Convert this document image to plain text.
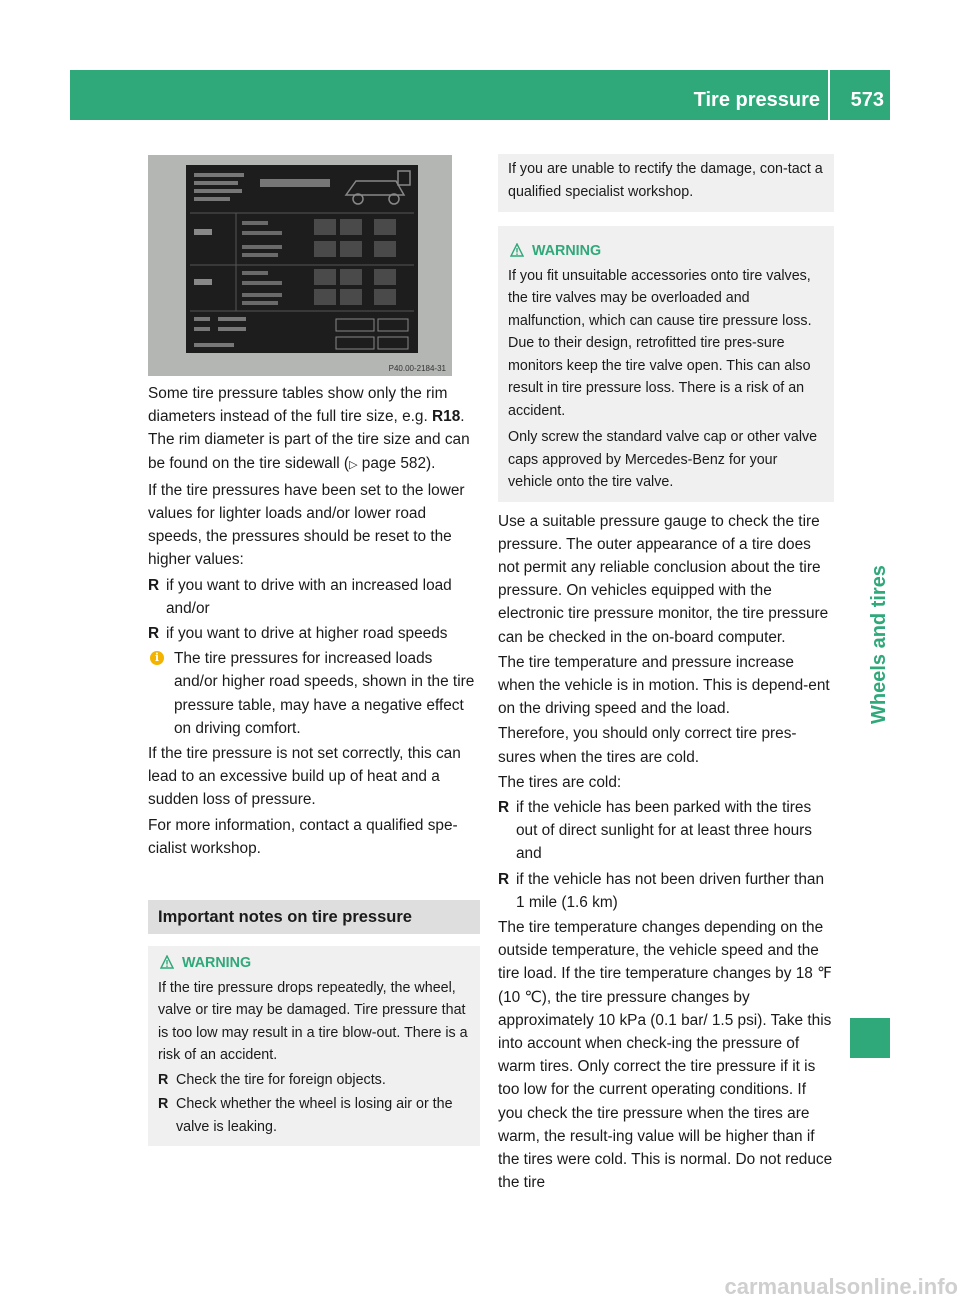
Tire pressure 573
Wheels and tires
P40.00-2184-31

Some tire pressure tables show only the rim diameters instead of the full tire size, e.g. R18. The rim diameter is part of the tire size and can be found on the tire sidewall (▷ page 582).

If the tire pressures have been set to the lower values for lighter loads and/or lower road speeds, the pressures should be reset to the higher values:

R if you want to drive with an increased load and/or
R if you want to drive at higher road speeds
i The tire pressures for increased loads and/or higher road speeds, shown in the tire pressure table, may have a negative effect on driving comfort.

If the tire pressure is not set correctly, this can lead to an excessive build up of heat and a sudden loss of pressure.

For more information, contact a qualified spe-cialist workshop.

Important notes on tire pressure
WARNING

If the tire pressure drops repeatedly, the wheel, valve or tire may be damaged. Tire pressure that is too low may result in a tire blow-out. There is a risk of an accident.

R Check the tire for foreign objects.
R Check whether the wheel is losing air or the valve is leaking.

If you are unable to rectify the damage, con-tact a qualified specialist workshop.

WARNING

If you fit unsuitable accessories onto tire valves, the tire valves may be overloaded and malfunction, which can cause tire pressure loss. Due to their design, retrofitted tire pres-sure monitors keep the tire valve open. This can also result in tire pressure loss. There is a risk of an accident.

Only screw the standard valve cap or other valve caps approved by Mercedes-Benz for your vehicle onto the tire valve.

Use a suitable pressure gauge to check the tire pressure. The outer appearance of a tire does not permit any reliable conclusion about the tire pressure. On vehicles equipped with the electronic tire pressure monitor, the tire pressure can be checked in the on-board computer.

The tire temperature and pressure increase when the vehicle is in motion. This is depend-ent on the driving speed and the load.

Therefore, you should only correct tire pres-sures when the tires are cold.

The tires are cold:

R if the vehicle has been parked with the tires out of direct sunlight for at least three hours and
R if the vehicle has not been driven further than 1 mile (1.6 km)

The tire temperature changes depending on the outside temperature, the vehicle speed and the tire load. If the tire temperature changes by 18 ℉ (10 ℃), the tire pressure changes by approximately 10 kPa (0.1 bar/ 1.5 psi). Take this into account when check-ing the pressure of warm tires. Only correct the tire pressure if it is too low for the current operating conditions. If you check the tire pressure when the tires are warm, the result-ing value will be higher than if the tires were cold. This is normal. Do not reduce the tire

carmanualsonline.info
